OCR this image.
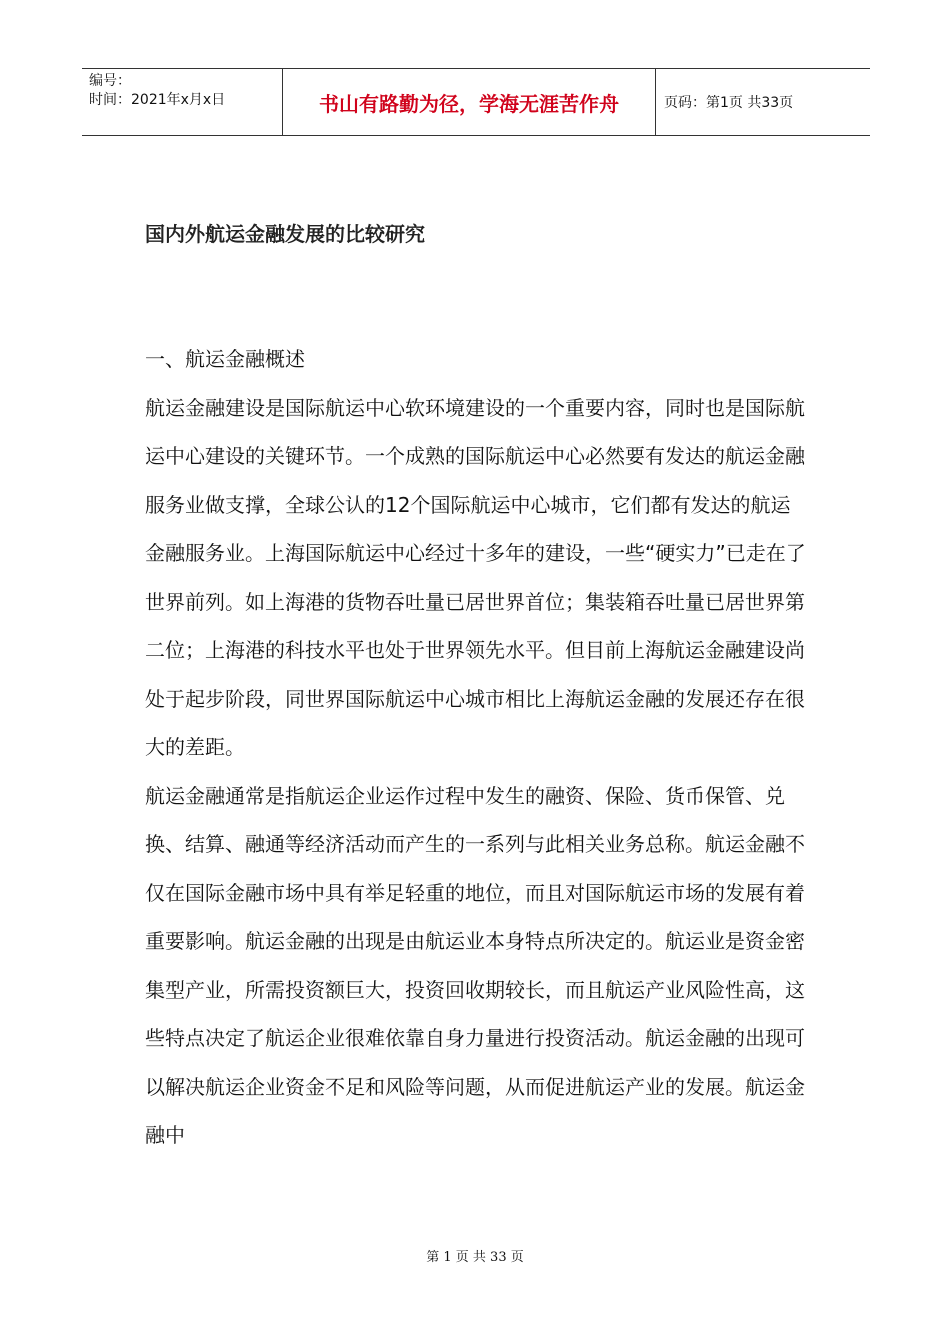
编号：
时间：2021年x月x日	书山有路勤为径，学海无涯苦作舟	页码：第1页 共33页
国内外航运金融发展的比较研究

一、航运金融概述

航运金融建设是国际航运中心软环境建设的一个重要内容，同时也是国际航运中心建设的关键环节。一个成熟的国际航运中心必然要有发达的航运金融服务业做支撑，全球公认的12个国际航运中心城市，它们都有发达的航运金融服务业。上海国际航运中心经过十多年的建设，一些“硬实力”已走在了世界前列。如上海港的货物吞吐量已居世界首位；集装箱吞吐量已居世界第二位；上海港的科技水平也处于世界领先水平。但目前上海航运金融建设尚处于起步阶段，同世界国际航运中心城市相比上海航运金融的发展还存在很大的差距。

航运金融通常是指航运企业运作过程中发生的融资、保险、货币保管、兑换、结算、融通等经济活动而产生的一系列与此相关业务总称。航运金融不仅在国际金融市场中具有举足轻重的地位，而且对国际航运市场的发展有着重要影响。航运金融的出现是由航运业本身特点所决定的。航运业是资金密集型产业，所需投资额巨大，投资回收期较长，而且航运产业风险性高，这些特点决定了航运企业很难依靠自身力量进行投资活动。航运金融的出现可以解决航运企业资金不足和风险等问题，从而促进航运产业的发展。航运金融中

第 1 页 共 33 页
